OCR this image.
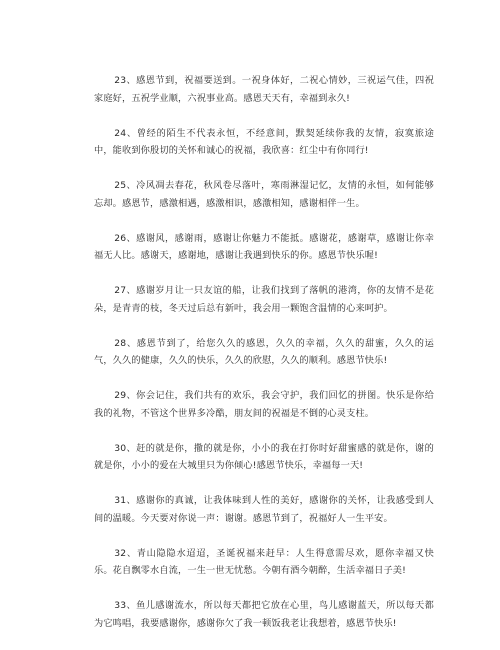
23、感恩节到，祝福要送到。一祝身体好，二祝心情妙，三祝运气佳，四祝家庭好，五祝学业顺，六祝事业高。感恩天天有，幸福到永久!

24、曾经的陌生不代表永恒，不经意间，默契延续你我的友情，寂寞旅途中，能收到你殷切的关怀和诚心的祝福，我欣喜：红尘中有你同行!

25、冷风凋去春花，秋风卷尽落叶，寒雨淋湿记忆，友情的永恒，如何能够忘却。感恩节，感激相遇，感激相识，感激相知，感谢相伴一生。

26、感谢风，感谢雨，感谢让你魅力不能抵。感谢花，感谢草，感谢让你幸福无人比。感谢天，感谢地，感谢让我遇到快乐的你。感恩节快乐喔!

27、感谢岁月让一只友谊的船，让我们找到了落帆的港湾，你的友情不是花朵，是青青的枝，冬天过后总有新叶，我会用一颗饱含温情的心来呵护。

28、感恩节到了，给您久久的感恩，久久的幸福，久久的甜蜜，久久的运气，久久的健康，久久的快乐，久久的欣慰，久久的顺利。感恩节快乐!

29、你会记住，我们共有的欢乐，我会守护，我们回忆的拼图。快乐是你给我的礼物，不管这个世界多冷酷，朋友间的祝福是不倒的心灵支柱。

30、赶的就是你，撒的就是你，小小的我在打你时好甜蜜感的就是你，谢的就是你，小小的爱在大城里只为你倾心!感恩节快乐，幸福每一天!

31、感谢你的真诚，让我体味到人性的美好，感谢你的关怀，让我感受到人间的温暖。今天要对你说一声：谢谢。感恩节到了，祝福好人一生平安。

32、青山隐隐水迢迢，圣诞祝福来赶早：人生得意需尽欢，愿你幸福又快乐。花自飘零水自流，一生一世无忧愁。今朝有酒今朝醉，生活幸福日子美!

33、鱼儿感谢流水，所以每天都把它放在心里，鸟儿感谢蓝天，所以每天都为它鸣唱，我要感谢你，感谢你欠了我一顿饭我老让我想着，感恩节快乐!
